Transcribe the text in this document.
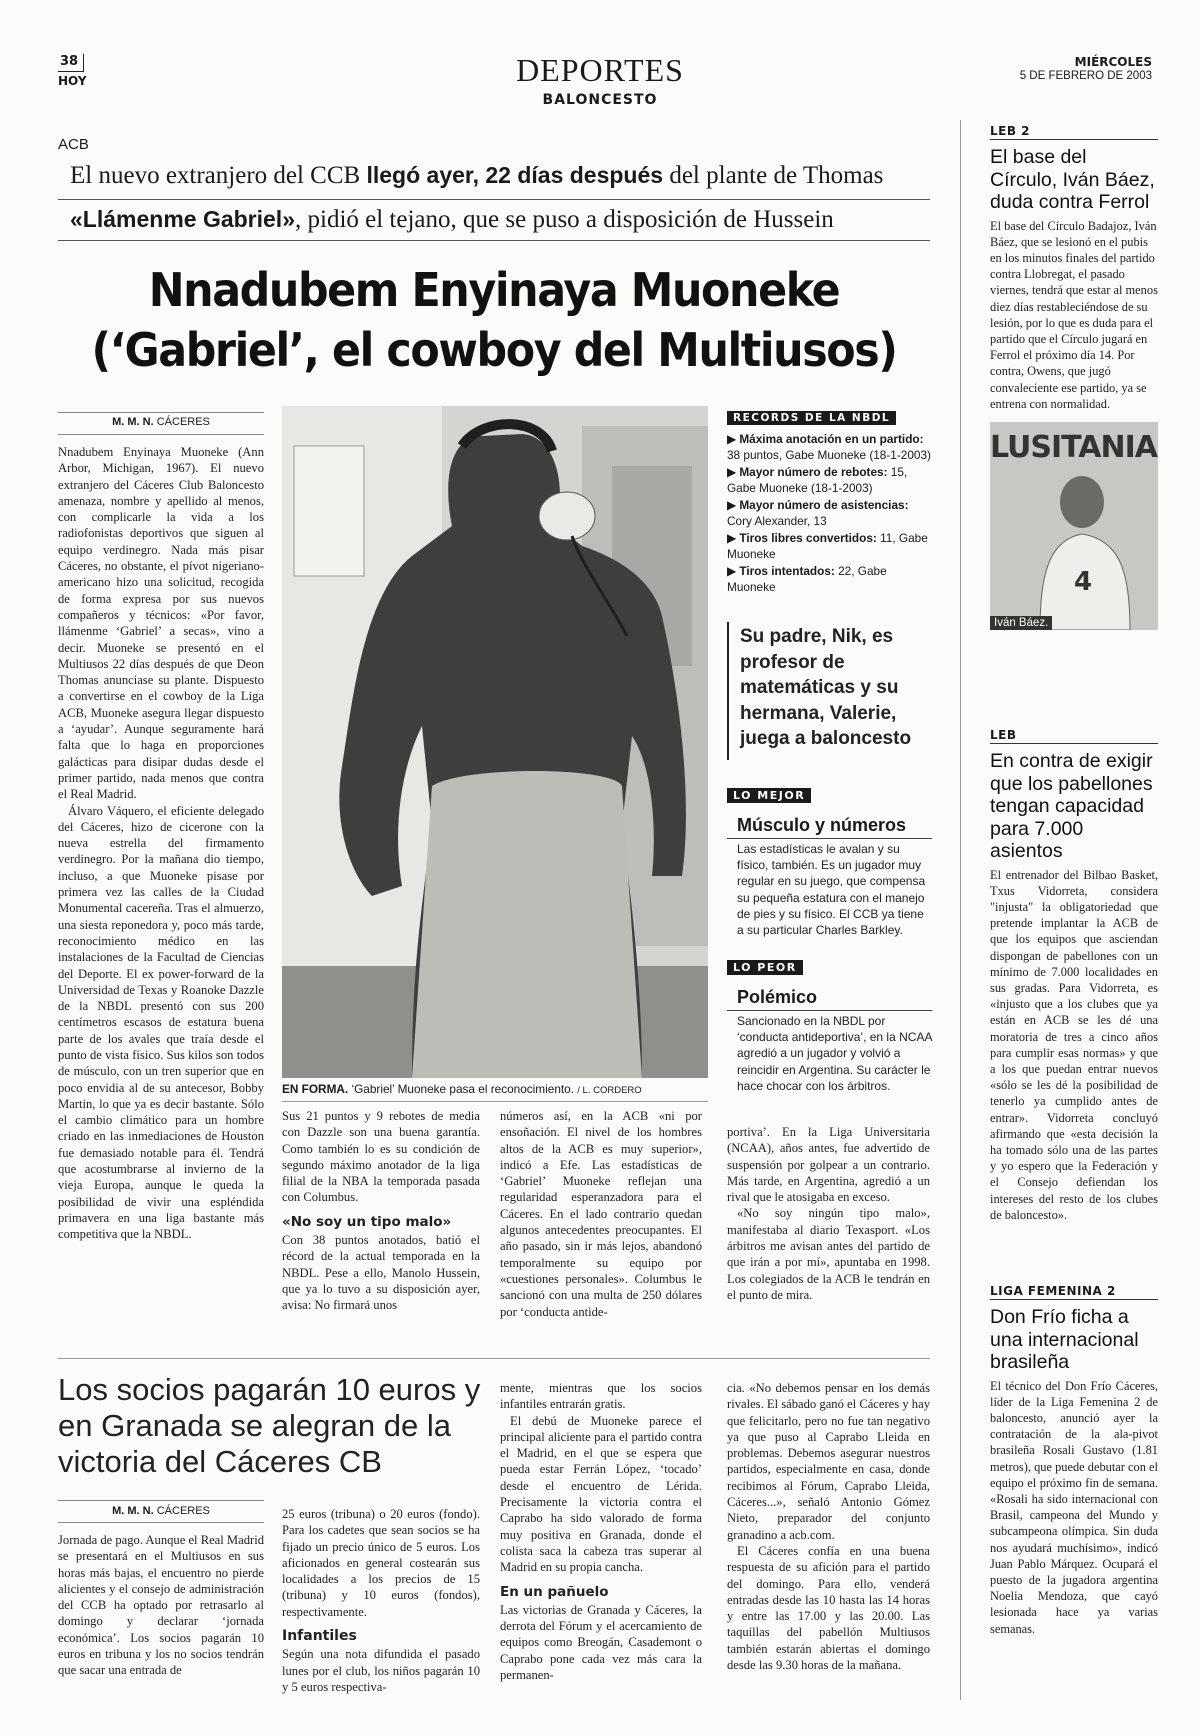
38
HOY	DEPORTES
BALONCESTO
MIÉRCOLES
5 DE FEBRERO DE 2003
ACB
El nuevo extranjero del CCB llegó ayer, 22 días después del plante de Thomas
«Llámenme Gabriel», pidió el tejano, que se puso a disposición de Hussein
Nnadubem Enyinaya Muoneke
(‘Gabriel’, el cowboy del Multiusos)
M. M. N. CÁCERES

Nnadubem Enyinaya Muoneke (Ann Arbor, Michigan, 1967). El nuevo extranjero del Cáceres Club Baloncesto amenaza, nombre y apellido al menos, con complicarle la vida a los radiofonistas deportivos que siguen al equipo verdinegro. Nada más pisar Cáceres, no obstante, el pívot nigeriano-americano hizo una solicitud, recogida de forma expresa por sus nuevos compañeros y técnicos: «Por favor, llámenme ‘Gabriel’ a secas», vino a decir. Muoneke se presentó en el Multiusos 22 días después de que Deon Thomas anunciase su plante. Dispuesto a convertirse en el cowboy de la Liga ACB, Muoneke asegura llegar dispuesto a ‘ayudar’. Aunque seguramente hará falta que lo haga en proporciones galácticas para disipar dudas desde el primer partido, nada menos que contra el Real Madrid.

Álvaro Váquero, el eficiente delegado del Cáceres, hizo de cicerone con la nueva estrella del firmamento verdinegro. Por la mañana dio tiempo, incluso, a que Muoneke pisase por primera vez las calles de la Ciudad Monumental cacereña. Tras el almuerzo, una siesta reponedora y, poco más tarde, reconocimiento médico en las instalaciones de la Facultad de Ciencias del Deporte. El ex power-forward de la Universidad de Texas y Roanoke Dazzle de la NBDL presentó con sus 200 centímetros escasos de estatura buena parte de los avales que traía desde el punto de vista físico. Sus kilos son todos de músculo, con un tren superior que en poco envidia al de su antecesor, Bobby Martin, lo que ya es decir bastante. Sólo el cambio climático para un hombre criado en las inmediaciones de Houston fue demasiado notable para él. Tendrá que acostumbrarse al invierno de la vieja Europa, aunque le queda la posibilidad de vivir una espléndida primavera en una liga bastante más competitiva que la NBDL.

EN FORMA. ‘Gabriel’ Muoneke pasa el reconocimiento. / L. CORDERO

Sus 21 puntos y 9 rebotes de media con Dazzle son una buena garantía. Como también lo es su condición de segundo máximo anotador de la liga filial de la NBA la temporada pasada con Columbus.

«No soy un tipo malo»

Con 38 puntos anotados, batió el récord de la actual temporada en la NBDL. Pese a ello, Manolo Hussein, que ya lo tuvo a su disposición ayer, avisa: No firmará unos

números así, en la ACB «ni por ensoñación. El nivel de los hombres altos de la ACB es muy superior», indicó a Efe. Las estadísticas de ‘Gabriel’ Muoneke reflejan una regularidad esperanzadora para el Cáceres. En el lado contrario quedan algunos antecedentes preocupantes. El año pasado, sin ir más lejos, abandonó temporalmente su equipo por «cuestiones personales». Columbus le sancionó con una multa de 250 dólares por ‘conducta antide-

portiva’. En la Liga Universitaria (NCAA), años antes, fue advertido de suspensión por golpear a un contrario. Más tarde, en Argentina, agredió a un rival que le atosigaba en exceso.

«No soy ningún tipo malo», manifestaba al diario Texasport. «Los árbitros me avisan antes del partido de que irán a por mí», apuntaba en 1998. Los colegiados de la ACB le tendrán en el punto de mira.

RECORDS DE LA NBDL
▶ Máxima anotación en un partido: 38 puntos, Gabe Muoneke (18-1-2003)
▶ Mayor número de rebotes: 15, Gabe Muoneke (18-1-2003)
▶ Mayor número de asistencias: Cory Alexander, 13
▶ Tiros libres convertidos: 11, Gabe Muoneke
▶ Tiros intentados: 22, Gabe Muoneke
Su padre, Nik, es profesor de matemáticas y su hermana, Valerie, juega a baloncesto
LO MEJOR
Músculo y números
Las estadísticas le avalan y su físico, también. Es un jugador muy regular en su juego, que compensa su pequeña estatura con el manejo de pies y su físico. El CCB ya tiene a su particular Charles Barkley.
LO PEOR
Polémico
Sancionado en la NBDL por ‘conducta antideportiva’, en la NCAA agredió a un jugador y volvió a reincidir en Argentina. Su carácter le hace chocar con los árbitros.
Los socios pagarán 10 euros y en Granada se alegran de la victoria del Cáceres CB
M. M. N. CÁCERES
Jornada de pago. Aunque el Real Madrid se presentará en el Multiusos en sus horas más bajas, el encuentro no pierde alicientes y el consejo de administración del CCB ha optado por retrasarlo al domingo y declarar ‘jornada económica’. Los socios pagarán 10 euros en tribuna y los no socios tendrán que sacar una entrada de

25 euros (tribuna) o 20 euros (fondo). Para los cadetes que sean socios se ha fijado un precio único de 5 euros. Los aficionados en general costearán sus localidades a los precios de 15 (tribuna) y 10 euros (fondos), respectivamente.

Infantiles

Según una nota difundida el pasado lunes por el club, los niños pagarán 10 y 5 euros respectiva-

mente, mientras que los socios infantiles entrarán gratis.

El debú de Muoneke parece el principal aliciente para el partido contra el Madrid, en el que se espera que pueda estar Ferrán López, ‘tocado’ desde el encuentro de Lérida. Precisamente la victoria contra el Caprabo ha sido valorado de forma muy positiva en Granada, donde el colista saca la cabeza tras superar al Madrid en su propia cancha.

En un pañuelo

Las victorias de Granada y Cáceres, la derrota del Fórum y el acercamiento de equipos como Breogán, Casademont o Caprabo pone cada vez más cara la permanen-

cia. «No debemos pensar en los demás rivales. El sábado ganó el Cáceres y hay que felicitarlo, pero no fue tan negativo ya que puso al Caprabo Lleida en problemas. Debemos asegurar nuestros partidos, especialmente en casa, donde recibimos al Fórum, Caprabo Lleida, Cáceres...», señaló Antonio Gómez Nieto, preparador del conjunto granadino a acb.com.

El Cáceres confía en una buena respuesta de su afición para el partido del domingo. Para ello, venderá entradas desde las 10 hasta las 14 horas y entre las 17.00 y las 20.00. Las taquillas del pabellón Multiusos también estarán abiertas el domingo desde las 9.30 horas de la mañana.

LEB 2
El base del Círculo, Iván Báez, duda contra Ferrol
El base del Círculo Badajoz, Iván Báez, que se lesionó en el pubis en los minutos finales del partido contra Llobregat, el pasado viernes, tendrá que estar al menos diez días restableciéndose de su lesión, por lo que es duda para el partido que el Círculo jugará en Ferrol el próximo día 14. Por contra, Owens, que jugó convaleciente ese partido, ya se entrena con normalidad.
LUSITANIA
4
Iván Báez.
LEB
En contra de exigir que los pabellones tengan capacidad para 7.000 asientos
El entrenador del Bilbao Basket, Txus Vidorreta, considera "injusta" la obligatoriedad que pretende implantar la ACB de que los equipos que asciendan dispongan de pabellones con un mínimo de 7.000 localidades en sus gradas. Para Vidorreta, es «injusto que a los clubes que ya están en ACB se les dé una moratoria de tres a cinco años para cumplir esas normas» y que a los que puedan entrar nuevos «sólo se les dé la posibilidad de tenerlo ya cumplido antes de entrar». Vidorreta concluyó afirmando que «esta decisión la ha tomado sólo una de las partes y yo espero que la Federación y el Consejo defiendan los intereses del resto de los clubes de baloncesto».
LIGA FEMENINA 2
Don Frío ficha a una internacional brasileña
El técnico del Don Frío Cáceres, líder de la Liga Femenina 2 de baloncesto, anunció ayer la contratación de la ala-pivot brasileña Rosali Gustavo (1.81 metros), que puede debutar con el equipo el próximo fin de semana. «Rosali ha sido internacional con Brasil, campeona del Mundo y subcampeona olímpica. Sin duda nos ayudará muchísimo», indicó Juan Pablo Márquez. Ocupará el puesto de la jugadora argentina Noelia Mendoza, que cayó lesionada hace ya varias semanas.
